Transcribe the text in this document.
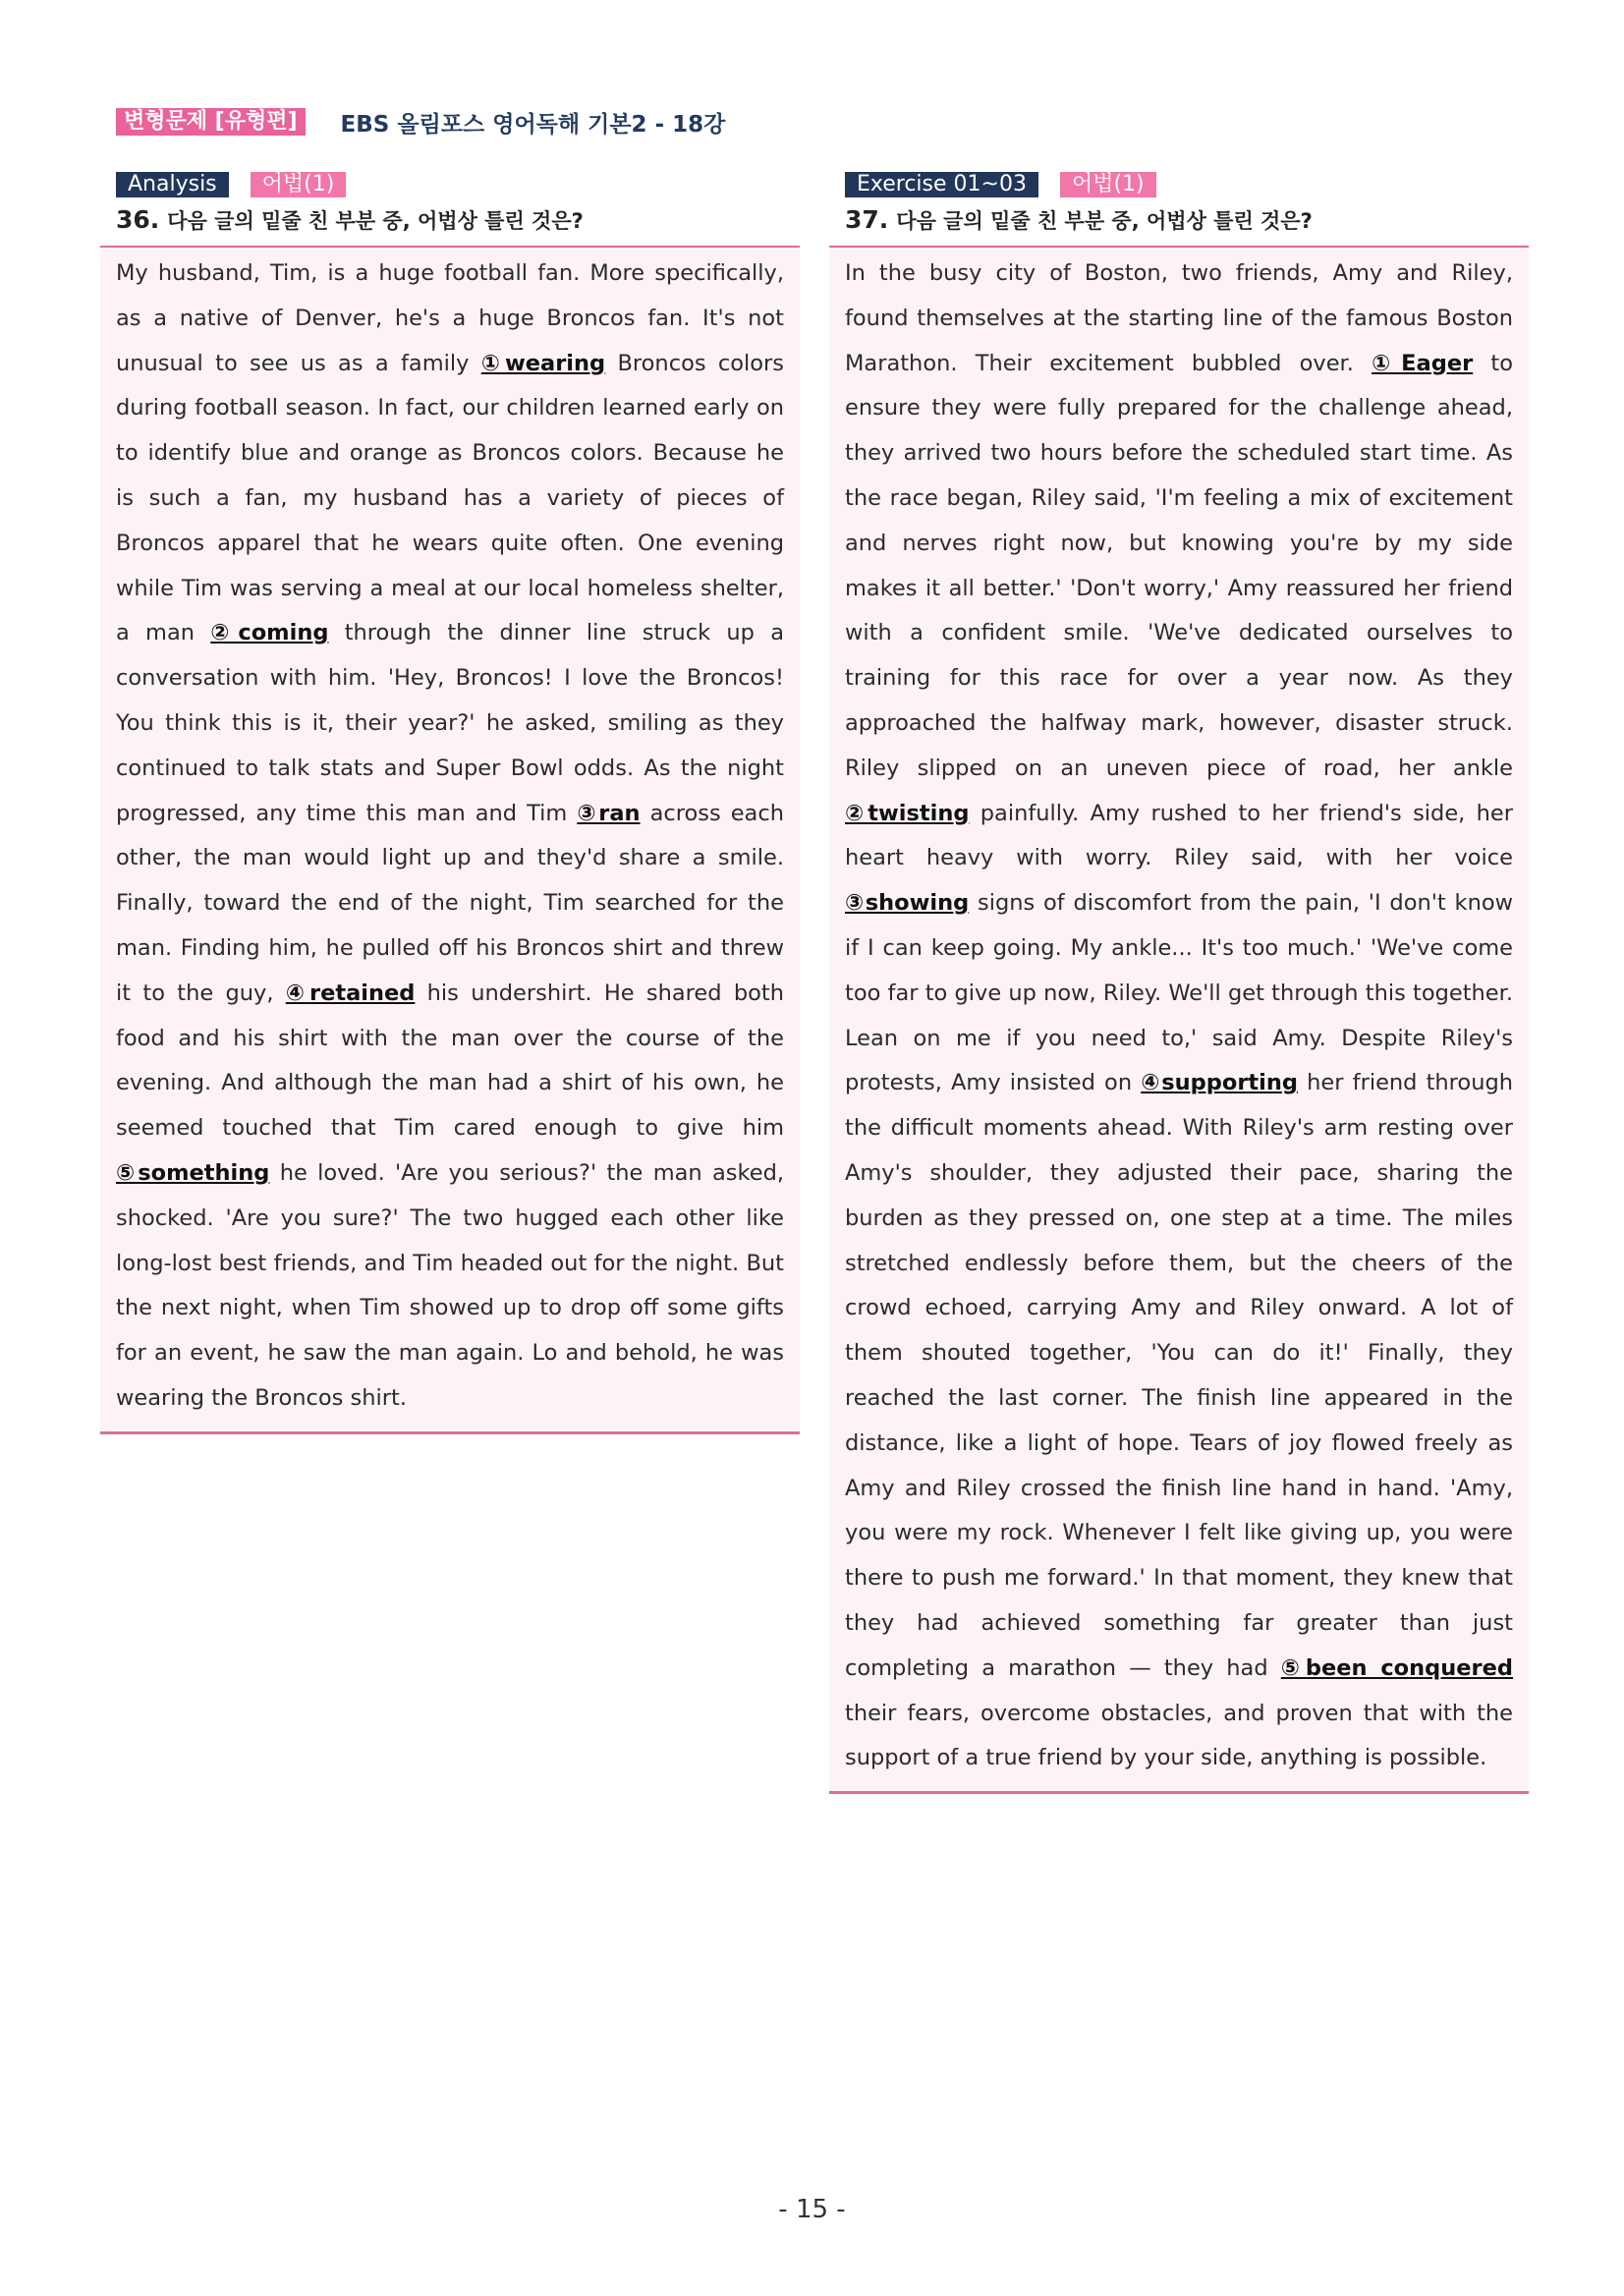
변형문제 [유형편]	EBS 올림포스 영어독해 기본2 - 18강
Analysis	어법(1)
36. 다음 글의 밑줄 친 부분 중, 어법상 틀린 것은?

My husband, Tim, is a huge football fan. More specifically, as a native of Denver, he's a huge Broncos fan. It's not unusual to see us as a family ①wearing Broncos colors during football season. In fact, our children learned early on to identify blue and orange as Broncos colors. Because he is such a fan, my husband has a variety of pieces of Broncos apparel that he wears quite often. One evening while Tim was serving a meal at our local homeless shelter, a man ②coming through the dinner line struck up a conversation with him. 'Hey, Broncos! I love the Broncos! You think this is it, their year?' he asked, smiling as they continued to talk stats and Super Bowl odds. As the night progressed, any time this man and Tim ③ran across each other, the man would light up and they'd share a smile. Finally, toward the end of the night, Tim searched for the man. Finding him, he pulled off his Broncos shirt and threw it to the guy, ④retained his undershirt. He shared both food and his shirt with the man over the course of the evening. And although the man had a shirt of his own, he seemed touched that Tim cared enough to give him ⑤something he loved. 'Are you serious?' the man asked, shocked. 'Are you sure?' The two hugged each other like long-lost best friends, and Tim headed out for the night. But the next night, when Tim showed up to drop off some gifts for an event, he saw the man again. Lo and behold, he was wearing the Broncos shirt.

Exercise 01~03	어법(1)
37. 다음 글의 밑줄 친 부분 중, 어법상 틀린 것은?

In the busy city of Boston, two friends, Amy and Riley, found themselves at the starting line of the famous Boston Marathon. Their excitement bubbled over. ①Eager to ensure they were fully prepared for the challenge ahead, they arrived two hours before the scheduled start time. As the race began, Riley said, 'I'm feeling a mix of excitement and nerves right now, but knowing you're by my side makes it all better.' 'Don't worry,' Amy reassured her friend with a confident smile. 'We've dedicated ourselves to training for this race for over a year now. As they approached the halfway mark, however, disaster struck. Riley slipped on an uneven piece of road, her ankle ②twisting painfully. Amy rushed to her friend's side, her heart heavy with worry. Riley said, with her voice ③showing signs of discomfort from the pain, 'I don't know if I can keep going. My ankle... It's too much.' 'We've come too far to give up now, Riley. We'll get through this together. Lean on me if you need to,' said Amy. Despite Riley's protests, Amy insisted on ④supporting her friend through the difficult moments ahead. With Riley's arm resting over Amy's shoulder, they adjusted their pace, sharing the burden as they pressed on, one step at a time. The miles stretched endlessly before them, but the cheers of the crowd echoed, carrying Amy and Riley onward. A lot of them shouted together, 'You can do it!' Finally, they reached the last corner. The finish line appeared in the distance, like a light of hope. Tears of joy flowed freely as Amy and Riley crossed the finish line hand in hand. 'Amy, you were my rock. Whenever I felt like giving up, you were there to push me forward.' In that moment, they knew that they had achieved something far greater than just completing a marathon — they had ⑤been conquered their fears, overcome obstacles, and proven that with the support of a true friend by your side, anything is possible.

- 15 -
